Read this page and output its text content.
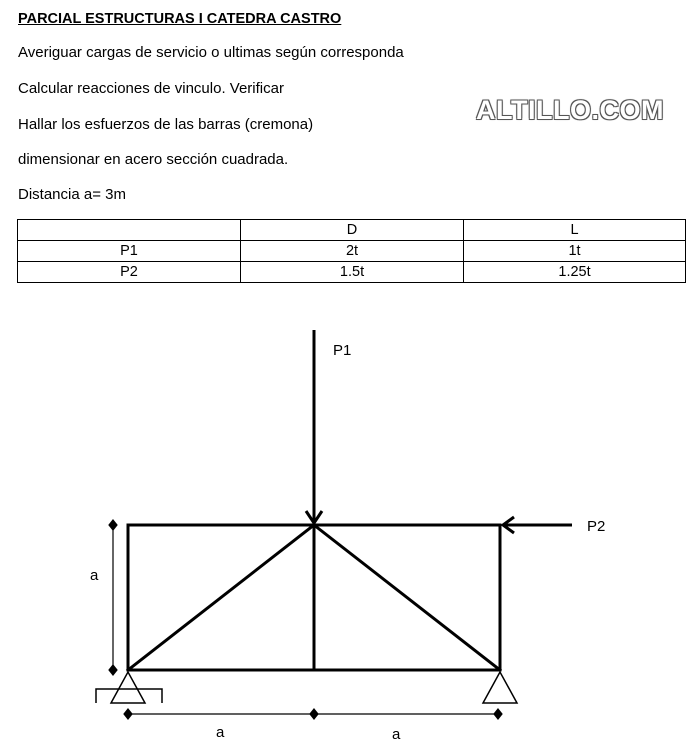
PARCIAL ESTRUCTURAS I CATEDRA CASTRO
Averiguar cargas de servicio o ultimas según corresponda
Calcular reacciones de vinculo. Verificar
Hallar los esfuerzos de las barras (cremona)
dimensionar en acero sección cuadrada.
Distancia a= 3m
ALTILLO.COM
	D	L
P1	2t	1t
P2	1.5t	1.25t
P1
P2
a
a	a
